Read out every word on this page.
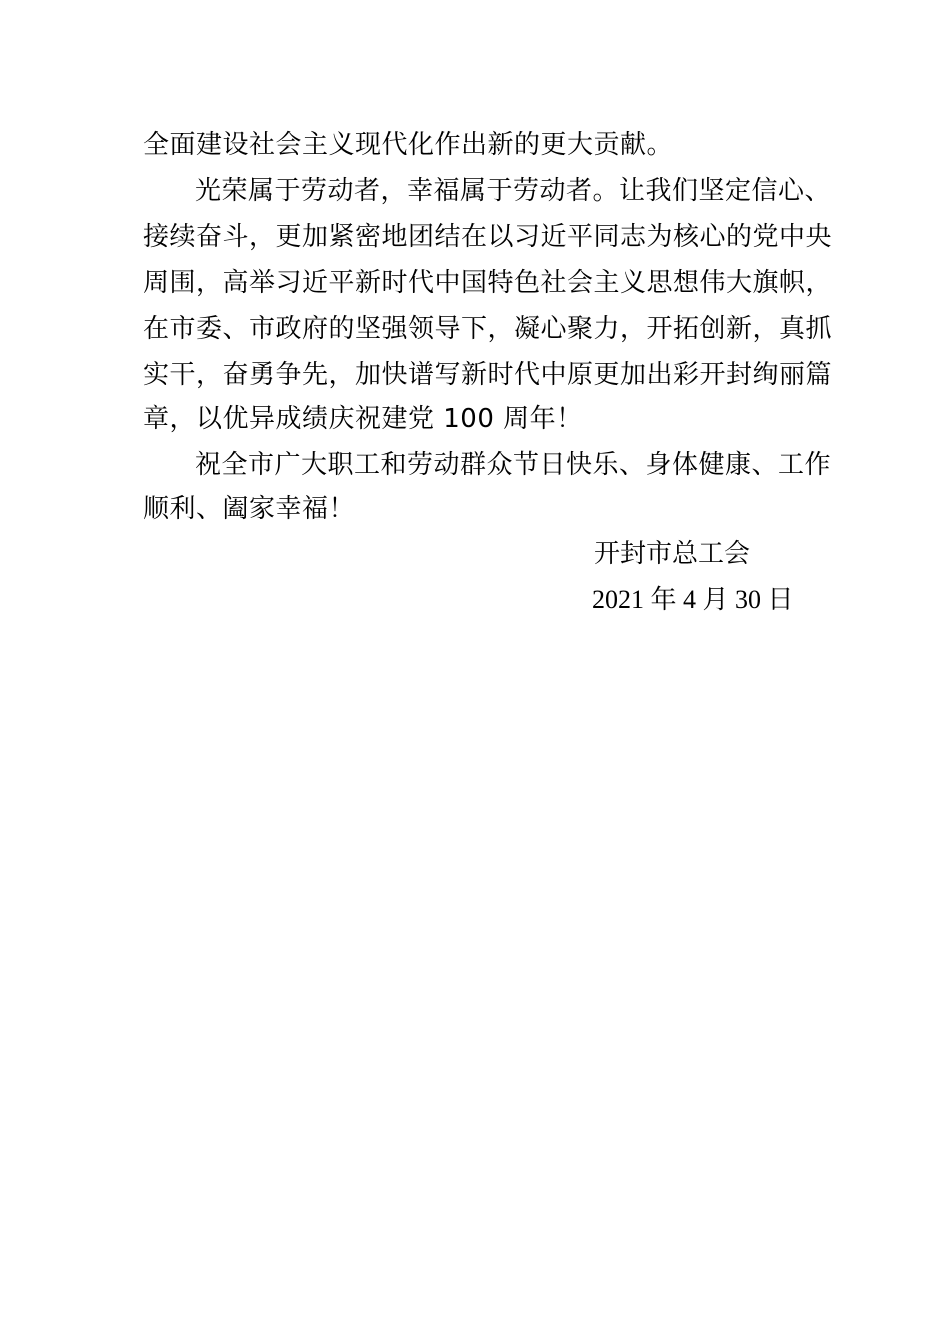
全面建设社会主义现代化作出新的更大贡献。
光荣属于劳动者，幸福属于劳动者。让我们坚定信心、
接续奋斗，更加紧密地团结在以习近平同志为核心的党中央
周围，高举习近平新时代中国特色社会主义思想伟大旗帜，
在市委、市政府的坚强领导下，凝心聚力，开拓创新，真抓
实干，奋勇争先，加快谱写新时代中原更加出彩开封绚丽篇
章，以优异成绩庆祝建党 100 周年！
祝全市广大职工和劳动群众节日快乐、身体健康、工作
顺利、阖家幸福！
开封市总工会
2021 年 4 月 30 日
